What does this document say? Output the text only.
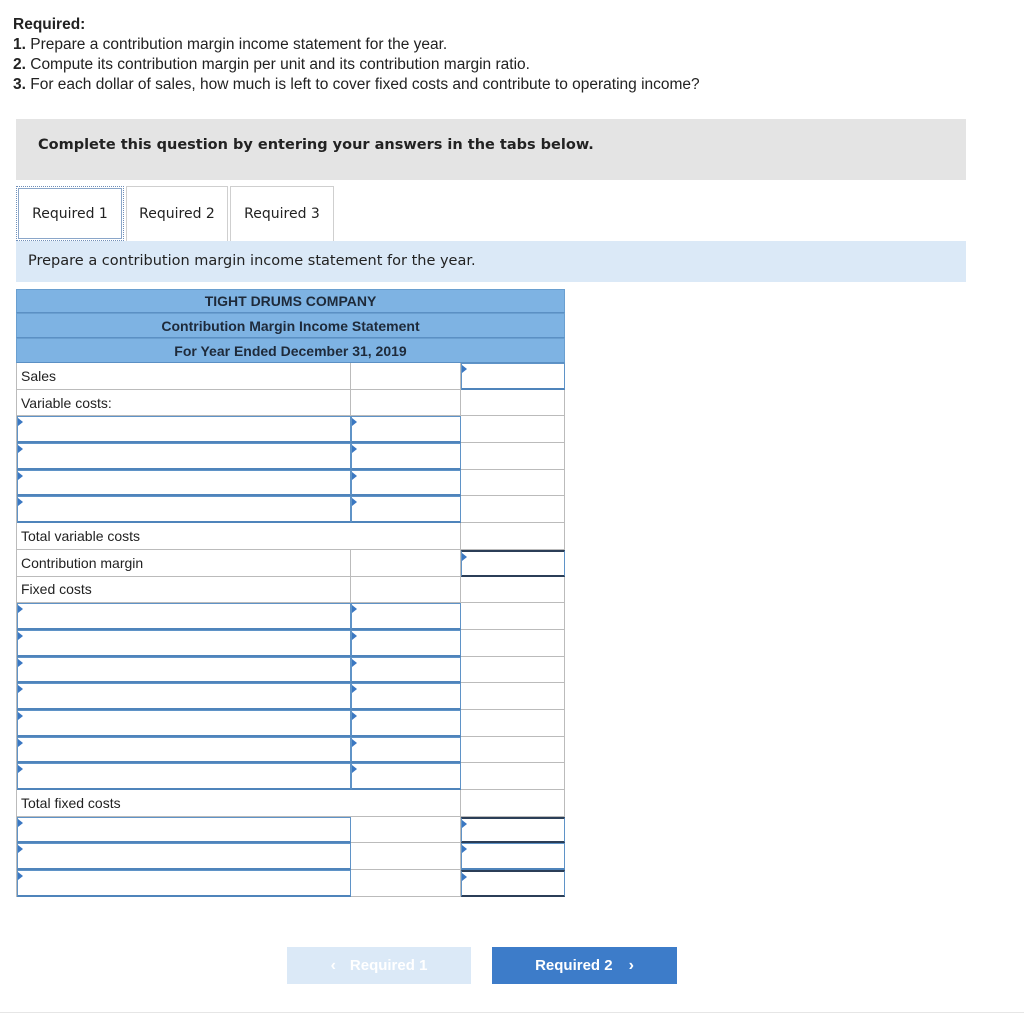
Required:
1. Prepare a contribution margin income statement for the year.
2. Compute its contribution margin per unit and its contribution margin ratio.
3. For each dollar of sales, how much is left to cover fixed costs and contribute to operating income?
Complete this question by entering your answers in the tabs below.
Required 1	Required 2	Required 3
Prepare a contribution margin income statement for the year.
TIGHT DRUMS COMPANY
Contribution Margin Income Statement
For Year Ended December 31, 2019
Sales
Variable costs:
Total variable costs
Contribution margin
Fixed costs
Total fixed costs
‹ Required 1	Required 2 ›
